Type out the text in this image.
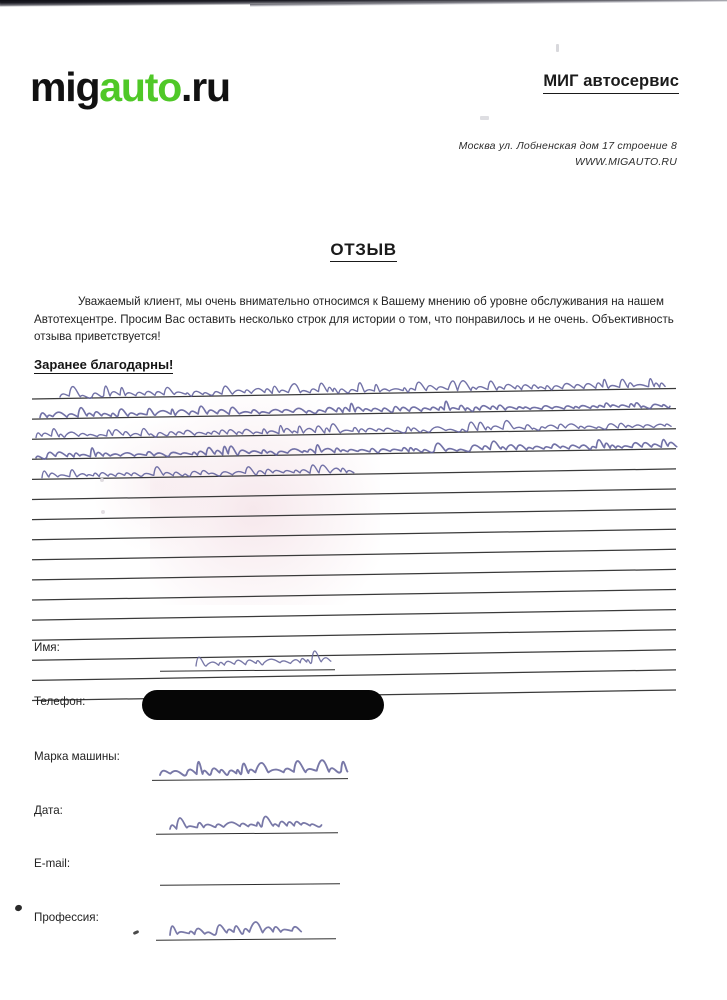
migauto.ru	МИГ автосервис
Москва ул. Лобненская дом 17 строение 8
WWW.MIGAUTO.RU
ОТЗЫВ
Уважаемый клиент, мы очень внимательно относимся к Вашему мнению об уровне обслуживания на нашем Автотехцентре. Просим Вас оставить несколько строк для истории о том, что понравилось и не очень. Объективность отзыва приветствуется!
Заранее благодарны!
Имя:
Телефон:
Марка машины:
Дата:
E-mail:
Профессия:
